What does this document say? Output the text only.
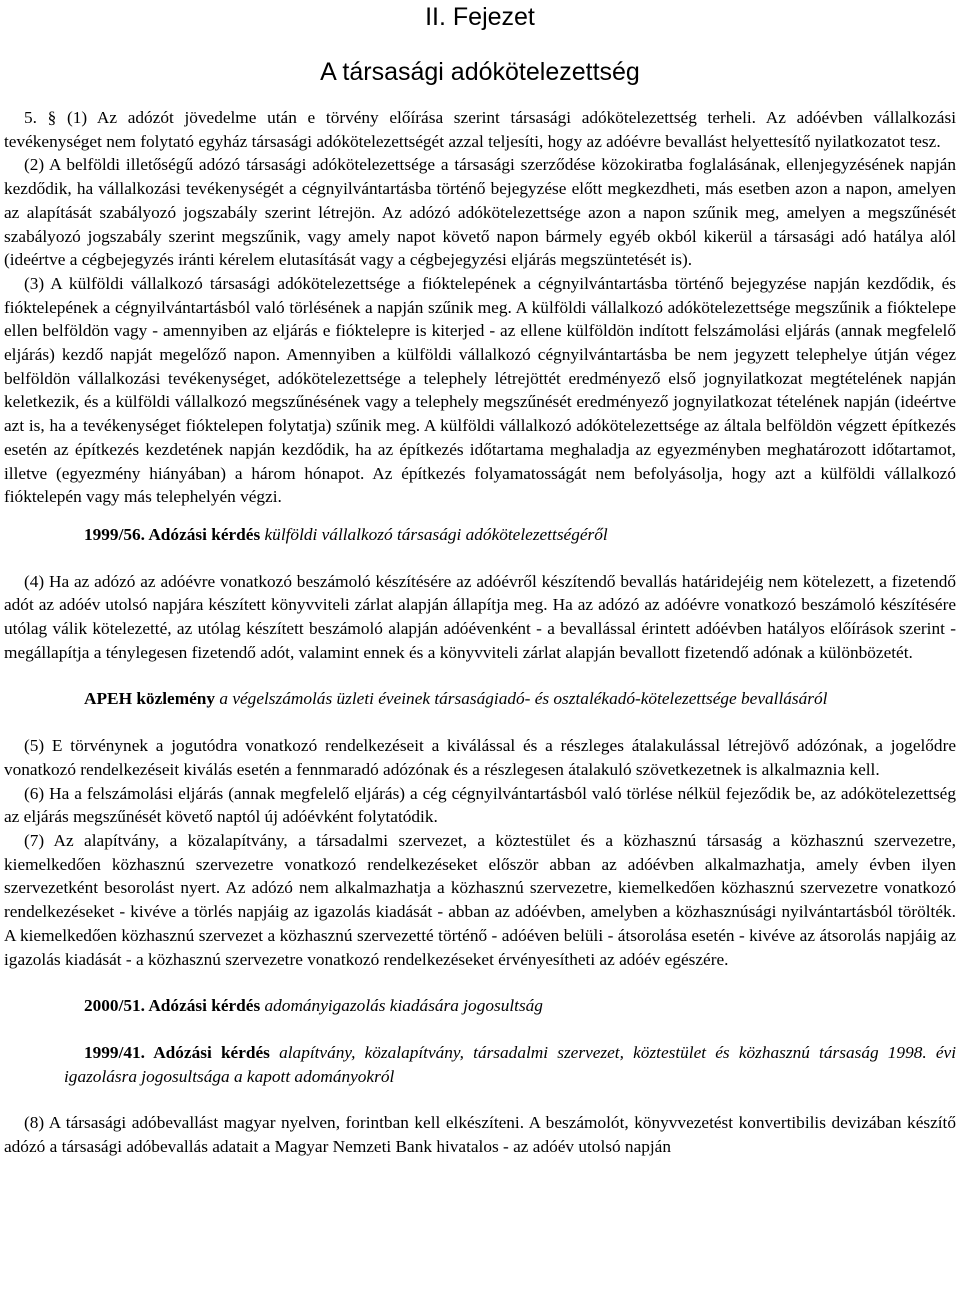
II. Fejezet
A társasági adókötelezettség

5. § (1) Az adózót jövedelme után e törvény előírása szerint társasági adókötelezettség terheli. Az adóévben vállalkozási tevékenységet nem folytató egyház társasági adókötelezettségét azzal teljesíti, hogy az adóévre bevallást helyettesítő nyilatkozatot tesz.

(2) A belföldi illetőségű adózó társasági adókötelezettsége a társasági szerződése közokiratba foglalásának, ellenjegyzésének napján kezdődik, ha vállalkozási tevékenységét a cégnyilvántartásba történő bejegyzése előtt megkezdheti, más esetben azon a napon, amelyen az alapítását szabályozó jogszabály szerint létrejön. Az adózó adókötelezettsége azon a napon szűnik meg, amelyen a megszűnését szabályozó jogszabály szerint megszűnik, vagy amely napot követő napon bármely egyéb okból kikerül a társasági adó hatálya alól (ideértve a cégbejegyzés iránti kérelem elutasítását vagy a cégbejegyzési eljárás megszüntetését is).

(3) A külföldi vállalkozó társasági adókötelezettsége a fióktelepének a cégnyilvántartásba történő bejegyzése napján kezdődik, és fióktelepének a cégnyilvántartásból való törlésének a napján szűnik meg. A külföldi vállalkozó adókötelezettsége megszűnik a fióktelepe ellen belföldön vagy - amennyiben az eljárás e fióktelepre is kiterjed - az ellene külföldön indított felszámolási eljárás (annak megfelelő eljárás) kezdő napját megelőző napon. Amennyiben a külföldi vállalkozó cégnyilvántartásba be nem jegyzett telephelye útján végez belföldön vállalkozási tevékenységet, adókötelezettsége a telephely létrejöttét eredményező első jognyilatkozat megtételének napján keletkezik, és a külföldi vállalkozó megszűnésének vagy a telephely megszűnését eredményező jognyilatkozat tételének napján (ideértve azt is, ha a tevékenységet fióktelepen folytatja) szűnik meg. A külföldi vállalkozó adókötelezettsége az általa belföldön végzett építkezés esetén az építkezés kezdetének napján kezdődik, ha az építkezés időtartama meghaladja az egyezményben meghatározott időtartamot, illetve (egyezmény hiányában) a három hónapot. Az építkezés folyamatosságát nem befolyásolja, hogy azt a külföldi vállalkozó fióktelepén vagy más telephelyén végzi.

1999/56. Adózási kérdés külföldi vállalkozó társasági adókötelezettségéről

(4) Ha az adózó az adóévre vonatkozó beszámoló készítésére az adóévről készítendő bevallás határidejéig nem kötelezett, a fizetendő adót az adóév utolsó napjára készített könyvviteli zárlat alapján állapítja meg. Ha az adózó az adóévre vonatkozó beszámoló készítésére utólag válik kötelezetté, az utólag készített beszámoló alapján adóévenként - a bevallással érintett adóévben hatályos előírások szerint - megállapítja a ténylegesen fizetendő adót, valamint ennek és a könyvviteli zárlat alapján bevallott fizetendő adónak a különbözetét.

APEH közlemény a végelszámolás üzleti éveinek társaságiadó- és osztalékadó-kötelezettsége bevallásáról

(5) E törvénynek a jogutódra vonatkozó rendelkezéseit a kiválással és a részleges átalakulással létrejövő adózónak, a jogelődre vonatkozó rendelkezéseit kiválás esetén a fennmaradó adózónak és a részlegesen átalakuló szövetkezetnek is alkalmaznia kell.

(6) Ha a felszámolási eljárás (annak megfelelő eljárás) a cég cégnyilvántartásból való törlése nélkül fejeződik be, az adókötelezettség az eljárás megszűnését követő naptól új adóévként folytatódik.

(7) Az alapítvány, a közalapítvány, a társadalmi szervezet, a köztestület és a közhasznú társaság a közhasznú szervezetre, kiemelkedően közhasznú szervezetre vonatkozó rendelkezéseket először abban az adóévben alkalmazhatja, amely évben ilyen szervezetként besorolást nyert. Az adózó nem alkalmazhatja a közhasznú szervezetre, kiemelkedően közhasznú szervezetre vonatkozó rendelkezéseket - kivéve a törlés napjáig az igazolás kiadását - abban az adóévben, amelyben a közhasznúsági nyilvántartásból törölték. A kiemelkedően közhasznú szervezet a közhasznú szervezetté történő - adóéven belüli - átsorolása esetén - kivéve az átsorolás napjáig az igazolás kiadását - a közhasznú szervezetre vonatkozó rendelkezéseket érvényesítheti az adóév egészére.

2000/51. Adózási kérdés adományigazolás kiadására jogosultság

1999/41. Adózási kérdés alapítvány, közalapítvány, társadalmi szervezet, köztestület és közhasznú társaság 1998. évi igazolásra jogosultsága a kapott adományokról

(8) A társasági adóbevallást magyar nyelven, forintban kell elkészíteni. A beszámolót, könyvvezetést konvertibilis devizában készítő adózó a társasági adóbevallás adatait a Magyar Nemzeti Bank hivatalos - az adóév utolsó napján
